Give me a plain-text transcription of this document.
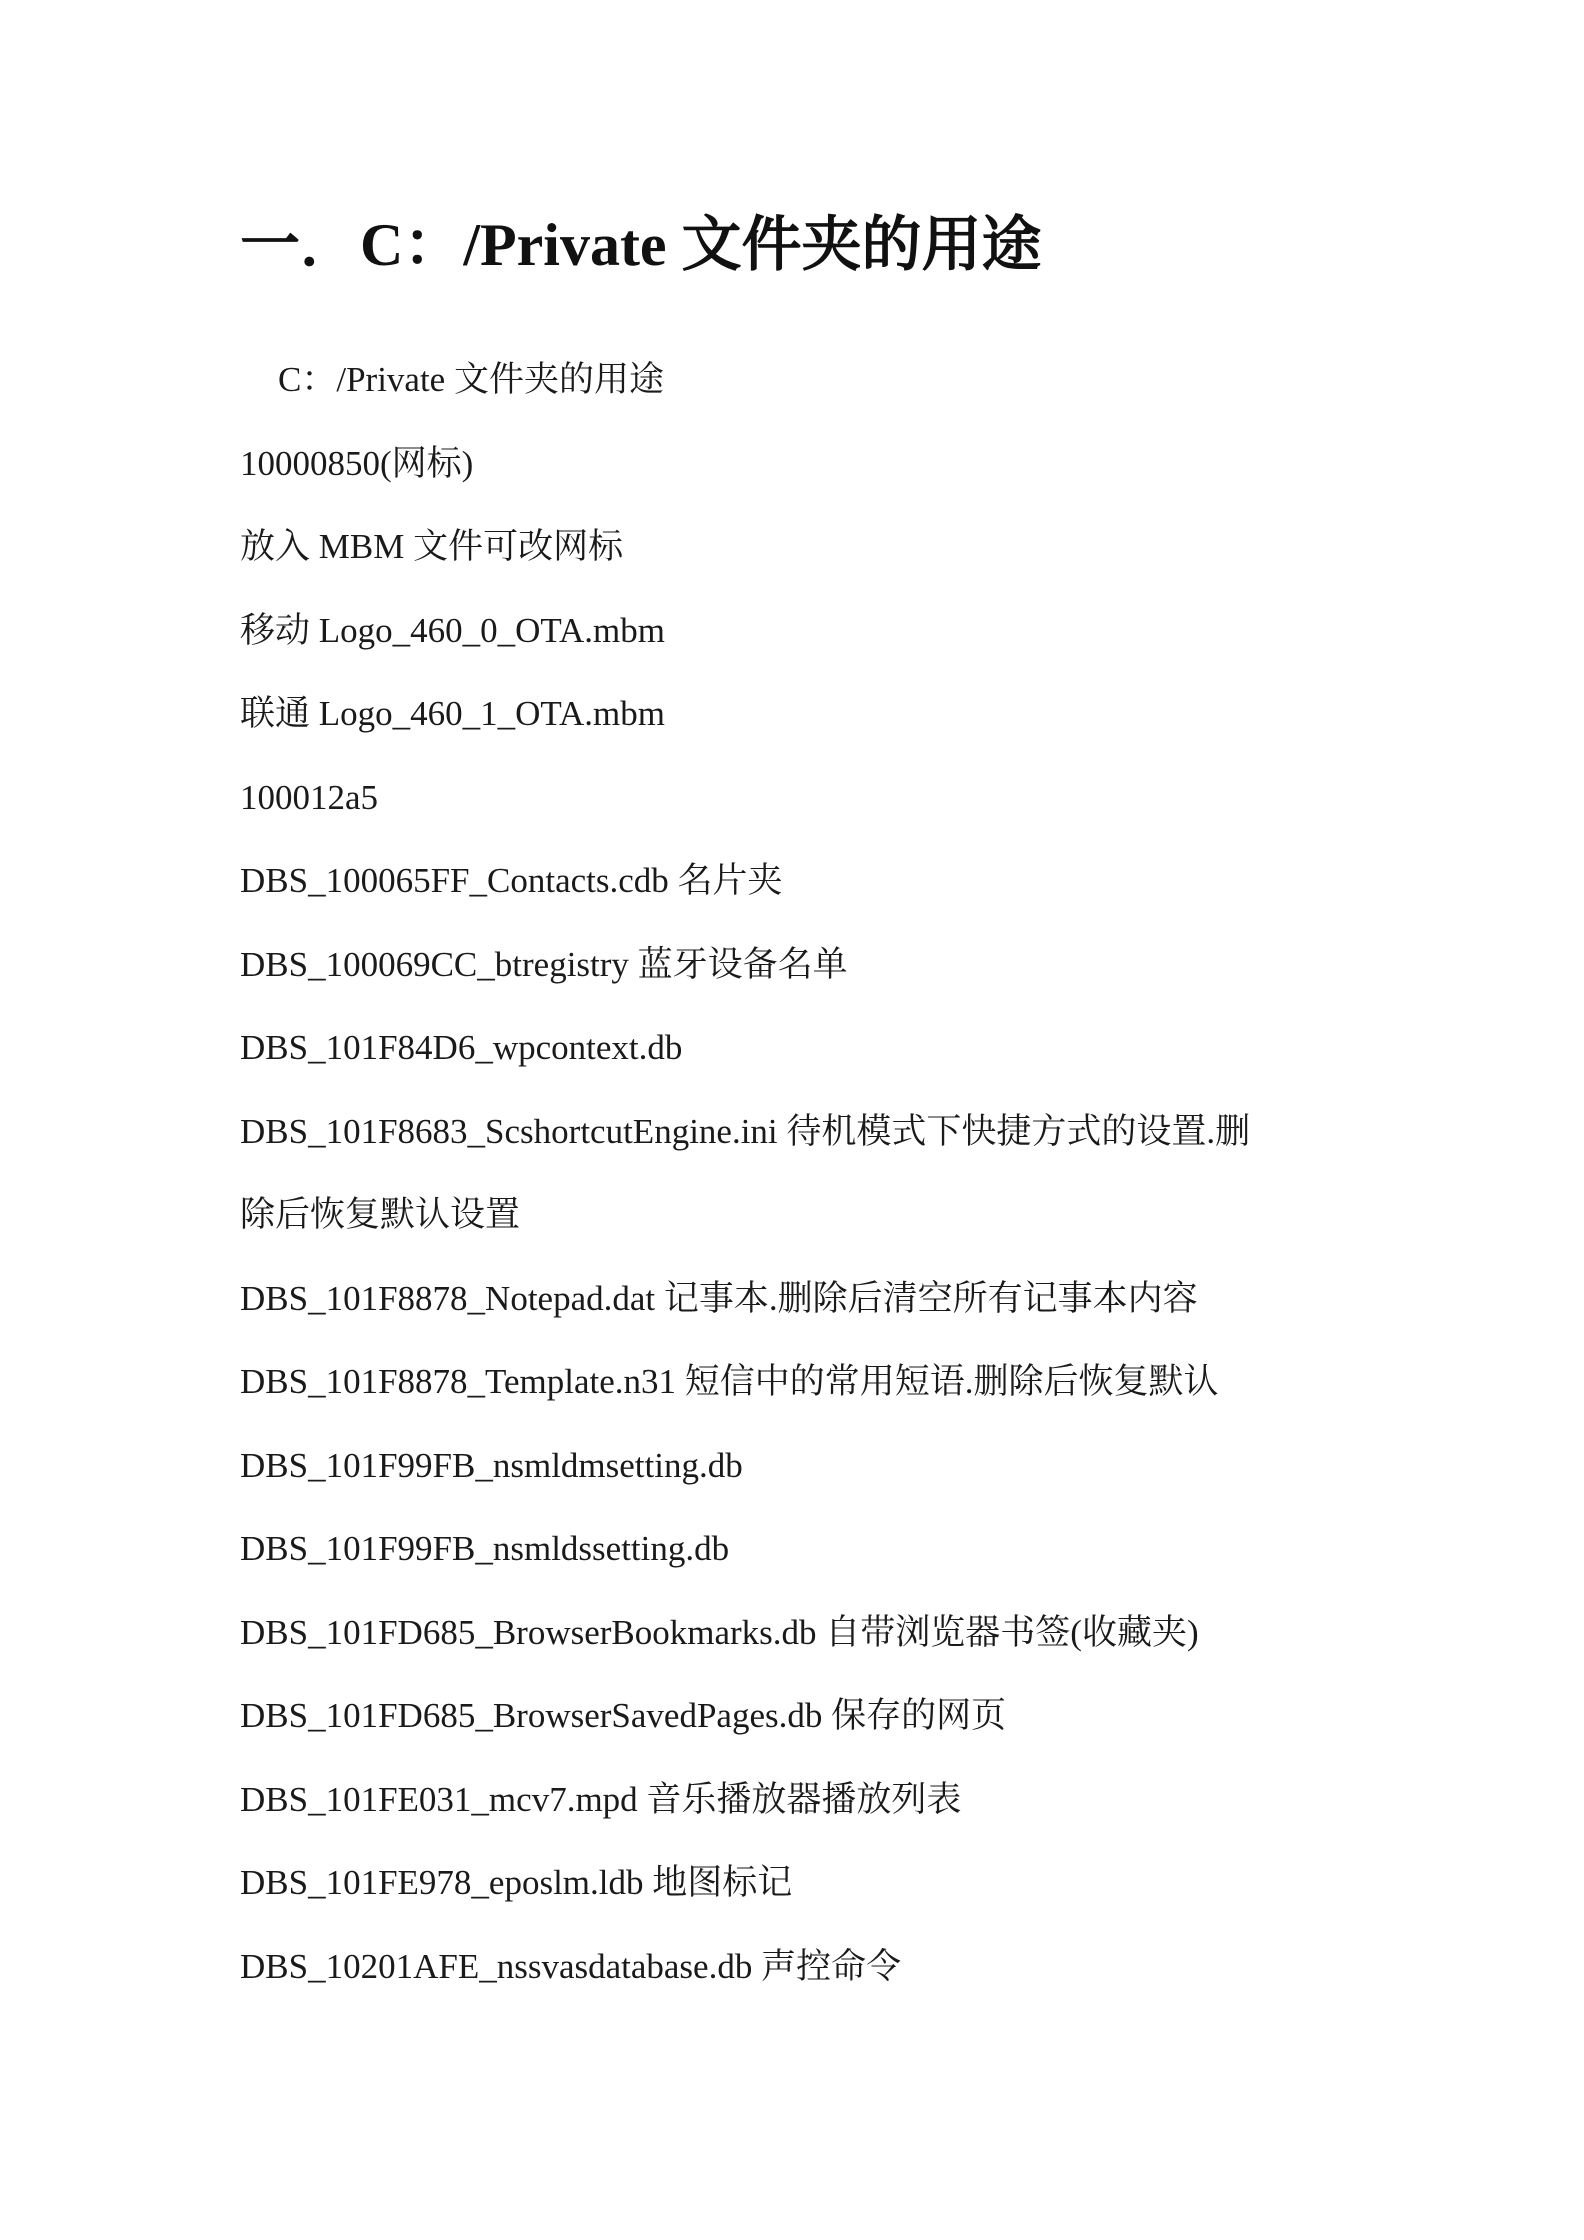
一．C：/Private 文件夹的用途
C：/Private 文件夹的用途
10000850(网标)
放入 MBM 文件可改网标
移动 Logo_460_0_OTA.mbm
联通 Logo_460_1_OTA.mbm
100012a5
DBS_100065FF_Contacts.cdb 名片夹
DBS_100069CC_btregistry 蓝牙设备名单
DBS_101F84D6_wpcontext.db
DBS_101F8683_ScshortcutEngine.ini 待机模式下快捷方式的设置.删
除后恢复默认设置
DBS_101F8878_Notepad.dat 记事本.删除后清空所有记事本内容
DBS_101F8878_Template.n31 短信中的常用短语.删除后恢复默认
DBS_101F99FB_nsmldmsetting.db
DBS_101F99FB_nsmldssetting.db
DBS_101FD685_BrowserBookmarks.db 自带浏览器书签(收藏夹)
DBS_101FD685_BrowserSavedPages.db 保存的网页
DBS_101FE031_mcv7.mpd 音乐播放器播放列表
DBS_101FE978_eposlm.ldb 地图标记
DBS_10201AFE_nssvasdatabase.db 声控命令
